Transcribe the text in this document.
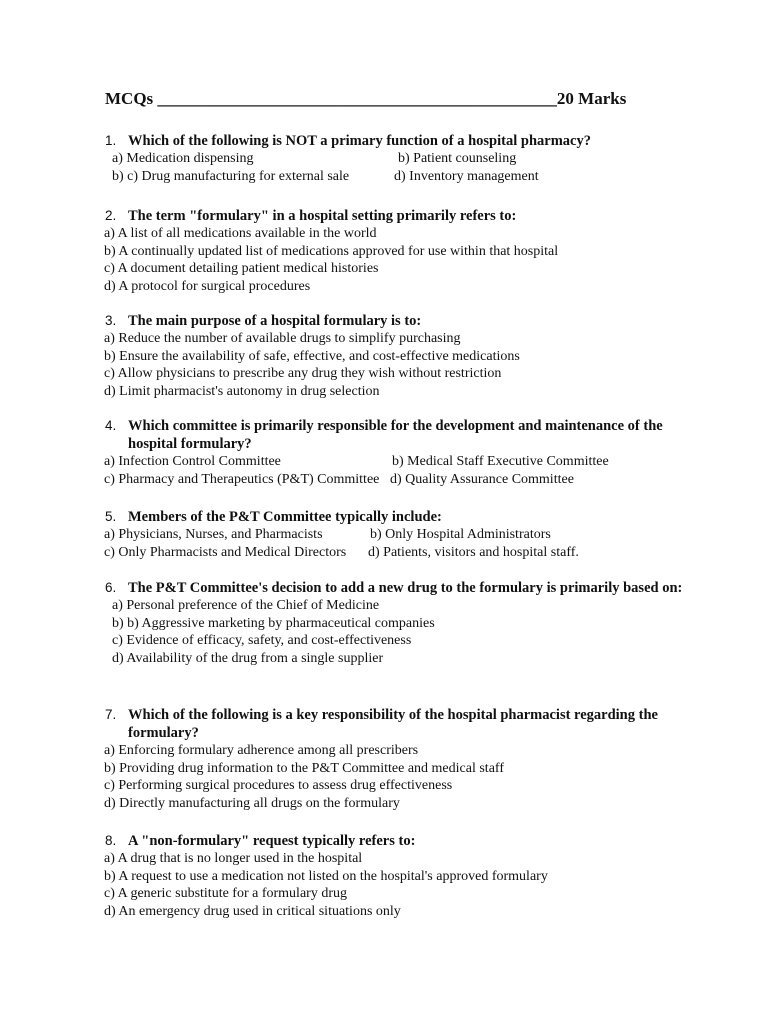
MCQs _______________________________________________20 Marks
1. Which of the following is NOT a primary function of a hospital pharmacy?
a) Medication dispensing	b) Patient counseling
b) c) Drug manufacturing for external sale	d) Inventory management
2. The term "formulary" in a hospital setting primarily refers to:
a) A list of all medications available in the world
b) A continually updated list of medications approved for use within that hospital
c) A document detailing patient medical histories
d) A protocol for surgical procedures
3. The main purpose of a hospital formulary is to:
a) Reduce the number of available drugs to simplify purchasing
b) Ensure the availability of safe, effective, and cost-effective medications
c) Allow physicians to prescribe any drug they wish without restriction
d) Limit pharmacist's autonomy in drug selection
4. Which committee is primarily responsible for the development and maintenance of the hospital formulary?
a) Infection Control Committee	b) Medical Staff Executive Committee
c) Pharmacy and Therapeutics (P&T) Committee d) Quality Assurance Committee
5. Members of the P&T Committee typically include:
a) Physicians, Nurses, and Pharmacists	b) Only Hospital Administrators
c) Only Pharmacists and Medical Directors d) Patients, visitors and hospital staff.
6. The P&T Committee's decision to add a new drug to the formulary is primarily based on:
a) Personal preference of the Chief of Medicine
b) b) Aggressive marketing by pharmaceutical companies
c) Evidence of efficacy, safety, and cost-effectiveness
d) Availability of the drug from a single supplier
7. Which of the following is a key responsibility of the hospital pharmacist regarding the formulary?
a) Enforcing formulary adherence among all prescribers
b) Providing drug information to the P&T Committee and medical staff
c) Performing surgical procedures to assess drug effectiveness
d) Directly manufacturing all drugs on the formulary
8. A "non-formulary" request typically refers to:
a) A drug that is no longer used in the hospital
b) A request to use a medication not listed on the hospital's approved formulary
c) A generic substitute for a formulary drug
d) An emergency drug used in critical situations only
